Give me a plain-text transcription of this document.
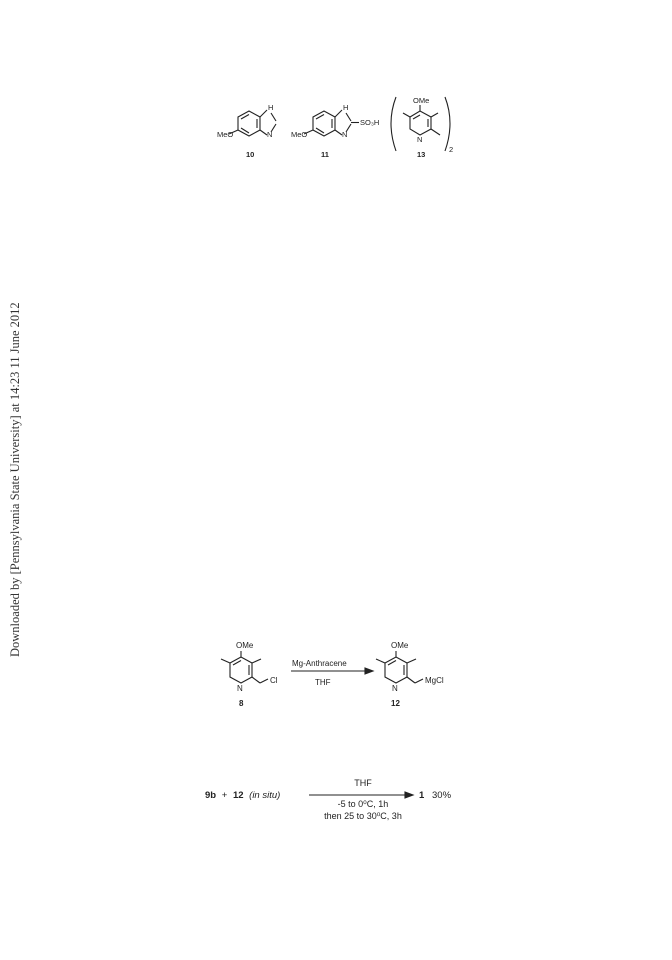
Downloaded by [Pennsylvania State University] at 14:23 11 June 2012
MeO
H
N
10
MeO
H
N
SO₃H
11
OMe
N
2
13
OMe
N
Cl
8
Mg-Anthracene
THF
OMe
N
MgCl
12
9b + 12 (in situ)
THF
-5 to 0⁰C, 1h
then 25 to 30⁰C, 3h
1 30%
